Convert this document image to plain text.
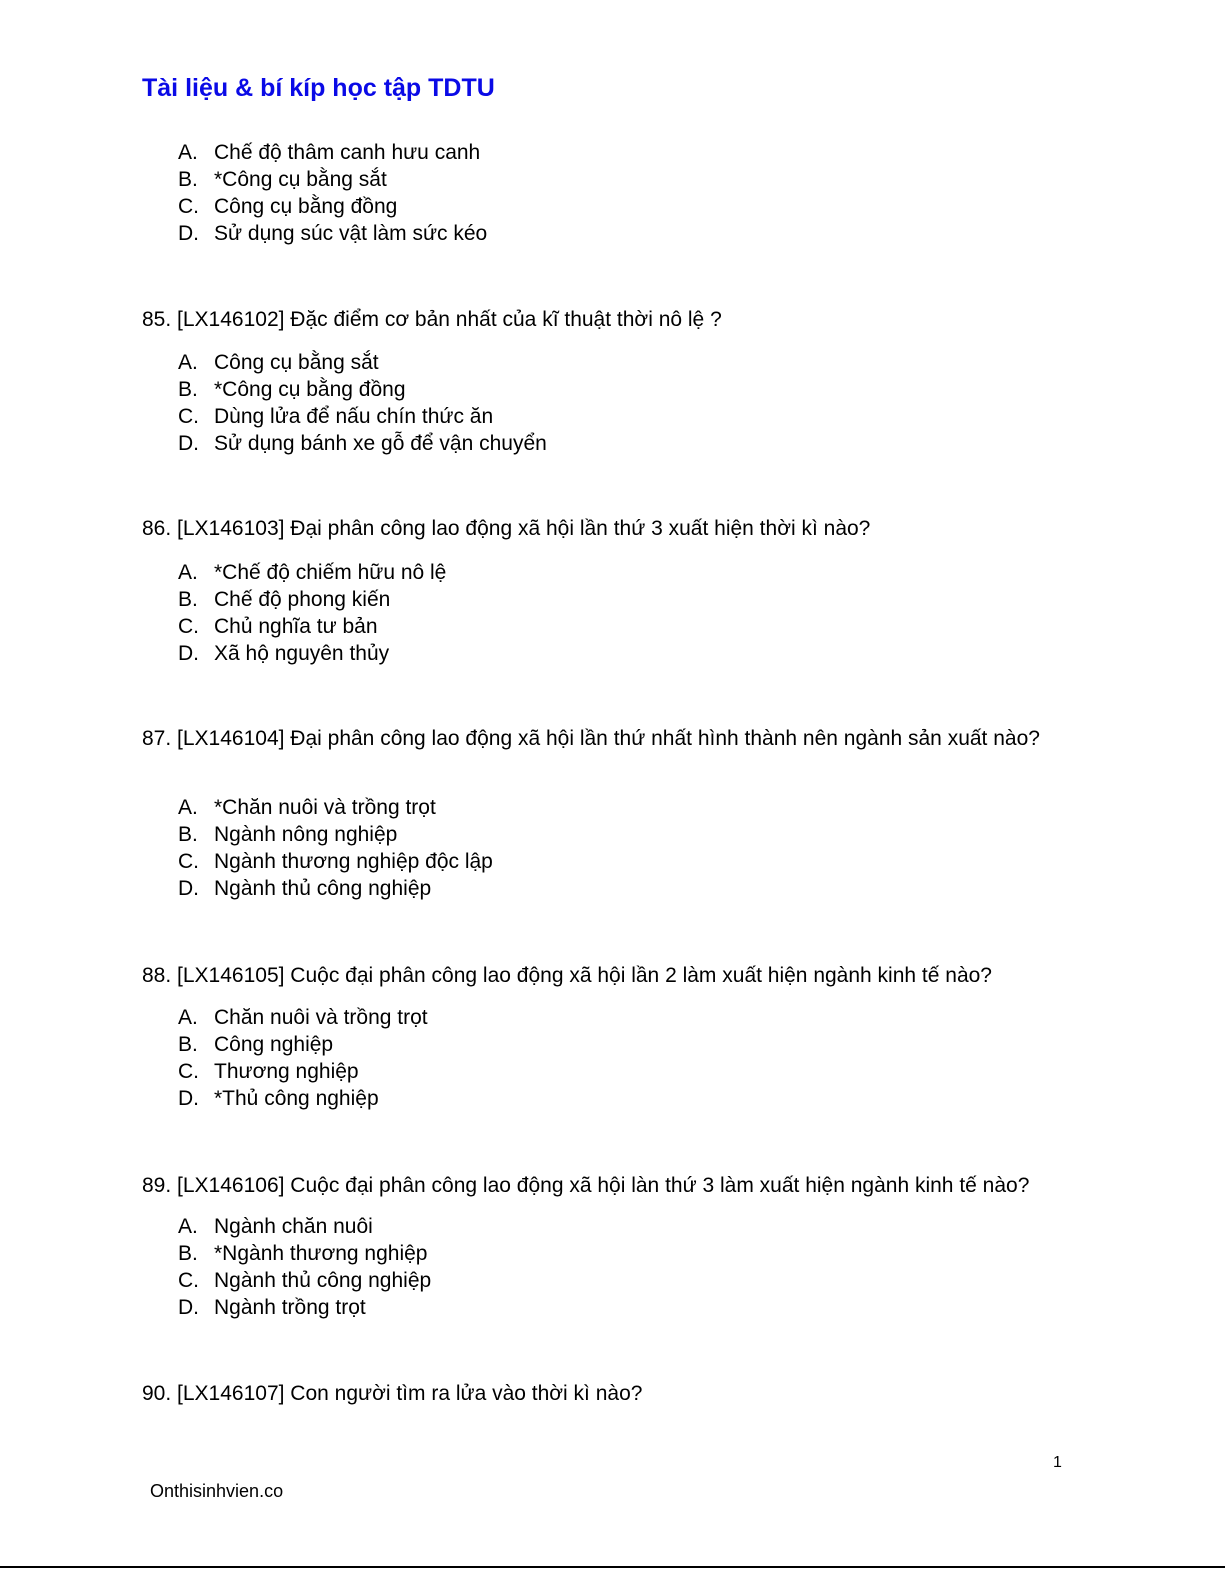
Tài liệu & bí kíp học tập TDTU
A. Chế độ thâm canh hưu canh
B. *Công cụ bằng sắt
C. Công cụ bằng đồng
D. Sử dụng súc vật làm sức kéo
85. [LX146102] Đặc điểm cơ bản nhất của kĩ thuật thời nô lệ ?
A. Công cụ bằng sắt
B. *Công cụ bằng đồng
C. Dùng lửa để nấu chín thức ăn
D. Sử dụng bánh xe gỗ để vận chuyển
86. [LX146103] Đại phân công lao động xã hội lần thứ 3 xuất hiện thời kì nào?
A. *Chế độ chiếm hữu nô lệ
B. Chế độ phong kiến
C. Chủ nghĩa tư bản
D. Xã hộ nguyên thủy
87. [LX146104] Đại phân công lao động xã hội lần thứ nhất hình thành nên ngành sản xuất nào?
A. *Chăn nuôi và trồng trọt
B. Ngành nông nghiệp
C. Ngành thương nghiệp độc lập
D. Ngành thủ công nghiệp
88. [LX146105] Cuộc đại phân công lao động xã hội lần 2 làm xuất hiện ngành kinh tế nào?
A. Chăn nuôi và trồng trọt
B. Công nghiệp
C. Thương nghiệp
D. *Thủ công nghiệp
89. [LX146106] Cuộc đại phân công lao động xã hội làn thứ 3 làm xuất hiện ngành kinh tế nào?
A. Ngành chăn nuôi
B. *Ngành thương nghiệp
C. Ngành thủ công nghiệp
D. Ngành trồng trọt
90. [LX146107] Con người tìm ra lửa vào thời kì nào?
1
Onthisinhvien.co
